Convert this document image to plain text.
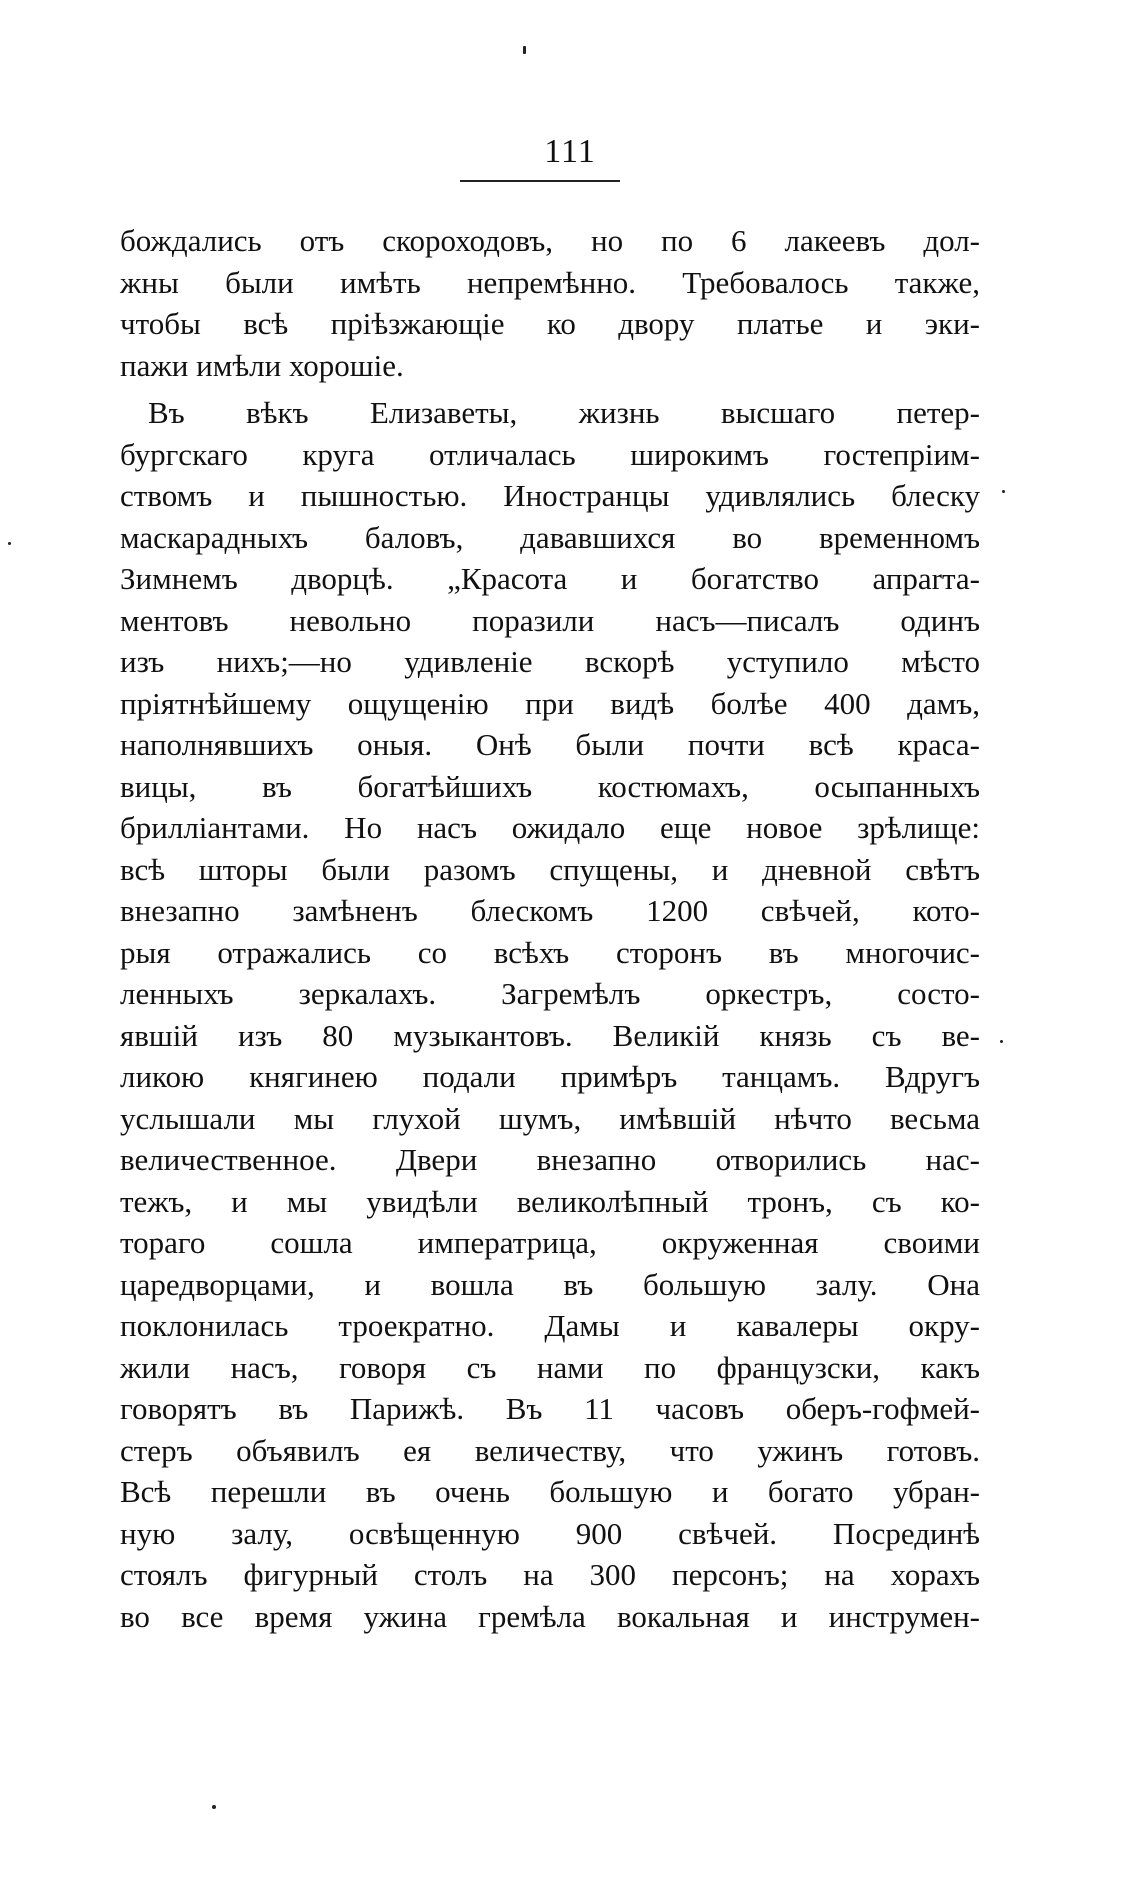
111
бождались отъ скороходовъ, но по 6 лакеевъ дол-
жны были имѣть непремѣнно. Требовалось также,
чтобы всѣ пріѣзжающіе ко двору платье и эки-
пажи имѣли хорошіе.
Въ вѣкъ Елизаветы, жизнь высшаго петер-
бургскаго круга отличалась широкимъ гостепріим-
ствомъ и пышностью. Иностранцы удивлялись блеску
маскарадныхъ баловъ, дававшихся во временномъ
Зимнемъ дворцѣ. „Красота и богатство апparта-
ментовъ невольно поразили насъ—писалъ одинъ
изъ нихъ;—но удивленіе вскорѣ уступило мѣсто
пріятнѣйшему ощущенію при видѣ болѣе 400 дамъ,
наполнявшихъ оныя. Онѣ были почти всѣ краса-
вицы, въ богатѣйшихъ костюмахъ, осыпанныхъ
брилліантами. Но насъ ожидало еще новое зрѣлище:
всѣ шторы были разомъ спущены, и дневной свѣтъ
внезапно замѣненъ блескомъ 1200 свѣчей, кото-
рыя отражались со всѣхъ сторонъ въ многочис-
ленныхъ зеркалахъ. Загремѣлъ оркестръ, состо-
явшій изъ 80 музыкантовъ. Великій князь съ ве-
ликою княгинею подали примѣръ танцамъ. Вдругъ
услышали мы глухой шумъ, имѣвшій нѣчто весьма
величественное. Двери внезапно отворились нас-
тежъ, и мы увидѣли великолѣпный тронъ, съ ко-
тораго сошла императрица, окруженная своими
царедворцами, и вошла въ большую залу. Она
поклонилась троекратно. Дамы и кавалеры окру-
жили насъ, говоря съ нами по французски, какъ
говорятъ въ Парижѣ. Въ 11 часовъ оберъ-гофмей-
стеръ объявилъ ея величеству, что ужинъ готовъ.
Всѣ перешли въ очень большую и богато убран-
ную залу, освѣщенную 900 свѣчей. Посрединѣ
стоялъ фигурный столъ на 300 персонъ; на хорахъ
во все время ужина гремѣла вокальная и инструмен-
